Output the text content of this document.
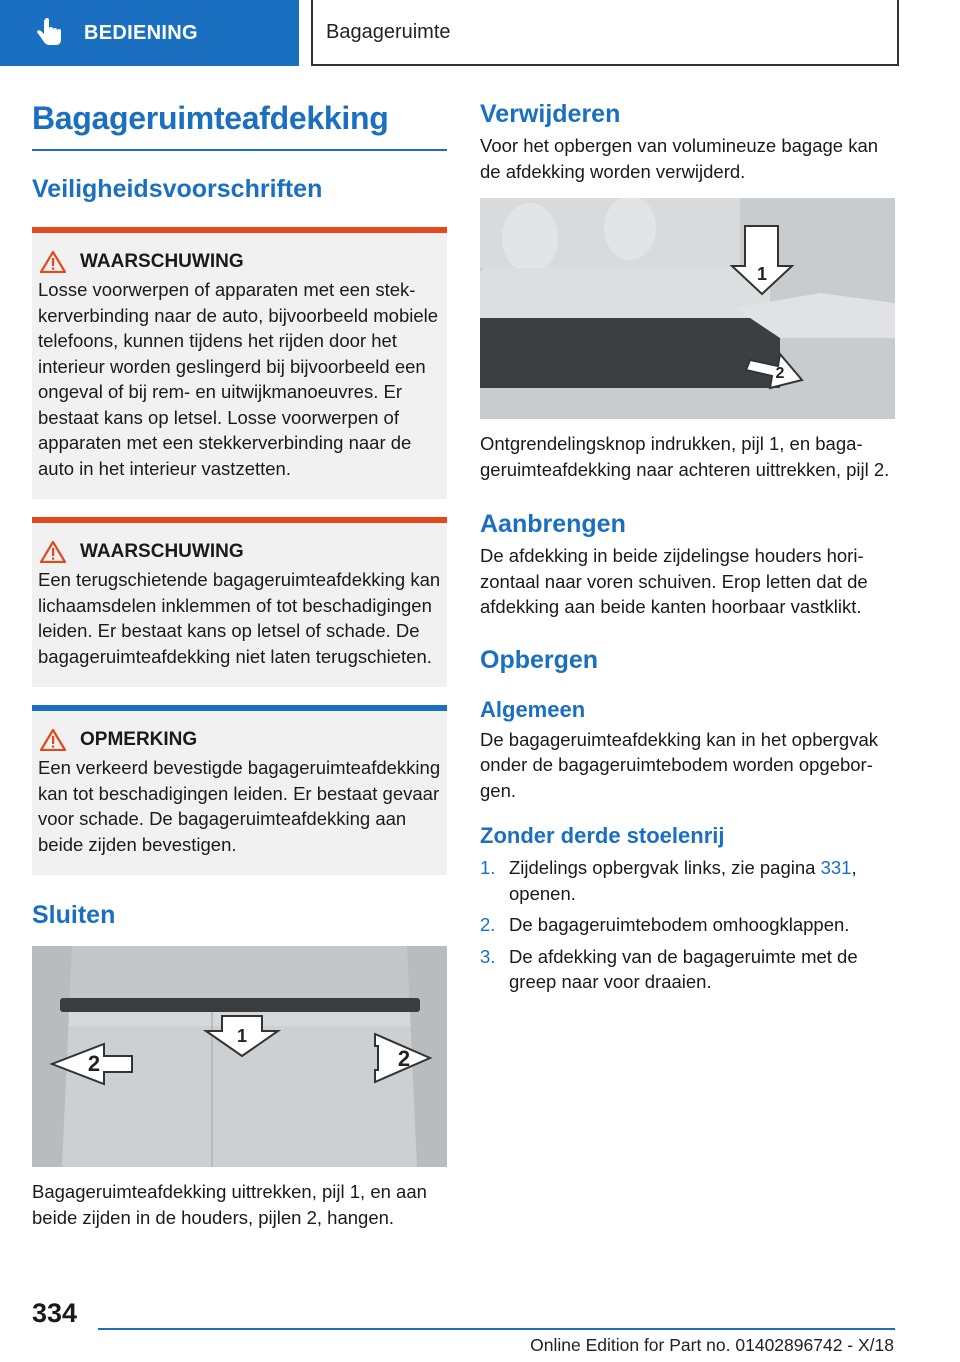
BEDIENING	Bagageruimte
Bagageruimteafdekking
Veiligheidsvoorschriften
WAARSCHUWING

Losse voorwerpen of apparaten met een stekkerverbinding naar de auto, bijvoorbeeld mobiele telefoons, kunnen tijdens het rijden door het interieur worden geslingerd bij bijvoorbeeld een ongeval of bij rem- en uitwijkmanoeuvres. Er bestaat kans op letsel. Losse voorwerpen of apparaten met een stekkerverbinding naar de auto in het interieur vastzetten.

WAARSCHUWING

Een terugschietende bagageruimteafdekking kan lichaamsdelen inklemmen of tot beschadigingen leiden. Er bestaat kans op letsel of schade. De bagageruimteafdekking niet laten terugschieten.

OPMERKING

Een verkeerd bevestigde bagageruimteafdekking kan tot beschadigingen leiden. Er bestaat gevaar voor schade. De bagageruimteafdekking aan beide zijden bevestigen.

Sluiten
1
2	2

Bagageruimteafdekking uittrekken, pijl 1, en aan beide zijden in de houders, pijlen 2, hangen.

Verwijderen

Voor het opbergen van volumineuze bagage kan de afdekking worden verwijderd.

1
2

Ontgrendelingsknop indrukken, pijl 1, en bagageruimteafdekking naar achteren uittrekken, pijl 2.

Aanbrengen

De afdekking in beide zijdelingse houders horizontaal naar voren schuiven. Erop letten dat de afdekking aan beide kanten hoorbaar vastklikt.

Opbergen
Algemeen

De bagageruimteafdekking kan in het opbergvak onder de bagageruimtebodem worden opgeborgen.

Zonder derde stoelenrij
1. Zijdelings opbergvak links, zie pagina 331, openen.
2. De bagageruimtebodem omhoogklappen.
3. De afdekking van de bagageruimte met de greep naar voor draaien.
334
Online Edition for Part no. 01402896742 - X/18
